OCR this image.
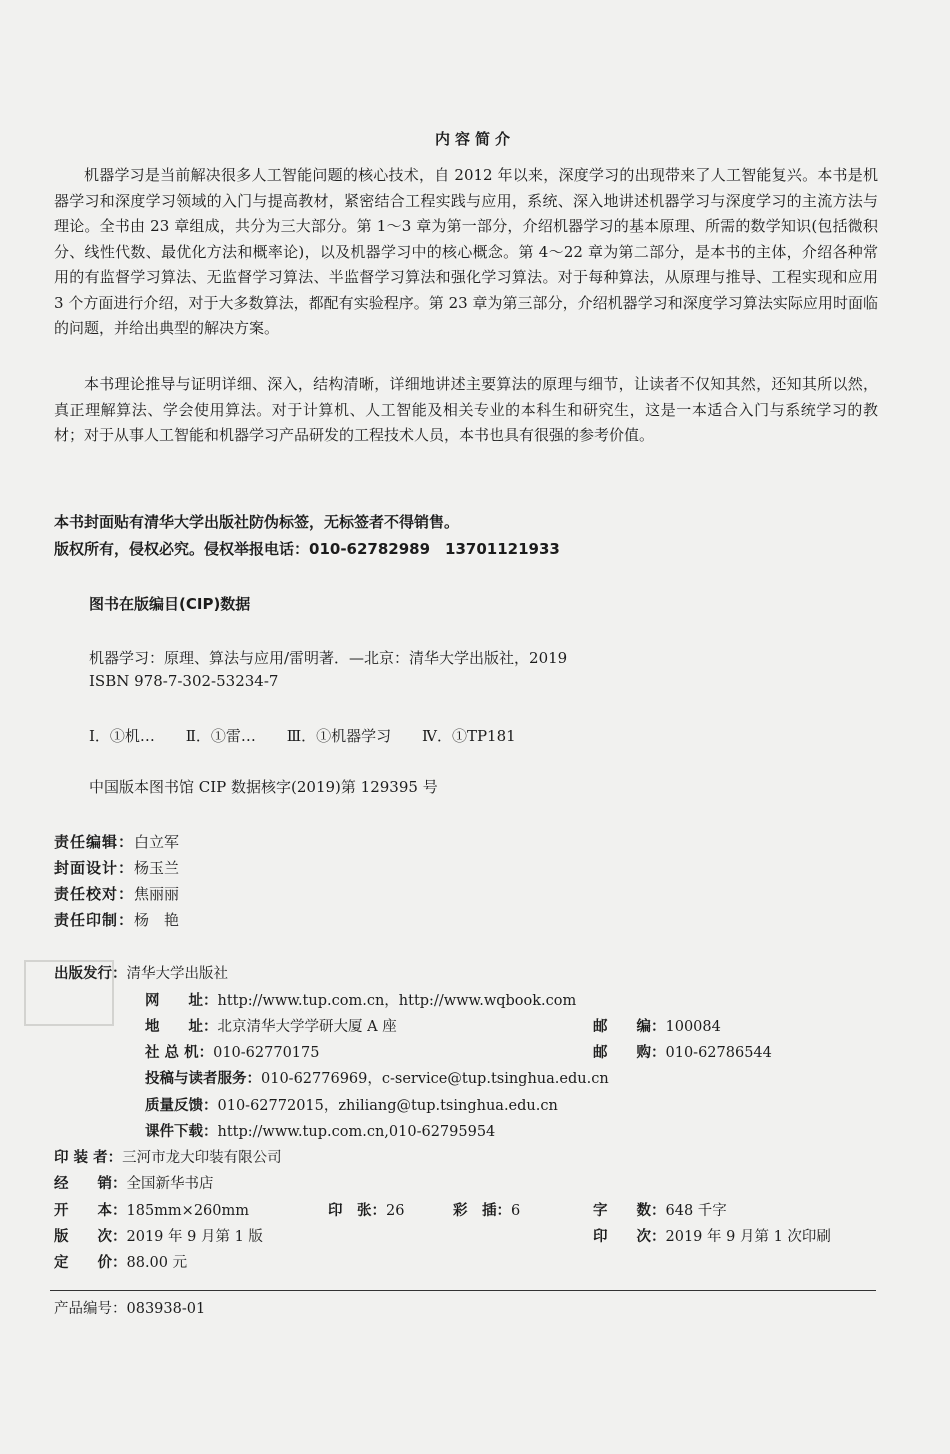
内容简介

机器学习是当前解决很多人工智能问题的核心技术，自 2012 年以来，深度学习的出现带来了人工智能复兴。本书是机器学习和深度学习领域的入门与提高教材，紧密结合工程实践与应用，系统、深入地讲述机器学习与深度学习的主流方法与理论。全书由 23 章组成，共分为三大部分。第 1～3 章为第一部分，介绍机器学习的基本原理、所需的数学知识(包括微积分、线性代数、最优化方法和概率论)，以及机器学习中的核心概念。第 4～22 章为第二部分，是本书的主体，介绍各种常用的有监督学习算法、无监督学习算法、半监督学习算法和强化学习算法。对于每种算法，从原理与推导、工程实现和应用 3 个方面进行介绍，对于大多数算法，都配有实验程序。第 23 章为第三部分，介绍机器学习和深度学习算法实际应用时面临的问题，并给出典型的解决方案。

本书理论推导与证明详细、深入，结构清晰，详细地讲述主要算法的原理与细节，让读者不仅知其然，还知其所以然，真正理解算法、学会使用算法。对于计算机、人工智能及相关专业的本科生和研究生，这是一本适合入门与系统学习的教材；对于从事人工智能和机器学习产品研发的工程技术人员，本书也具有很强的参考价值。

本书封面贴有清华大学出版社防伪标签，无标签者不得销售。
版权所有，侵权必究。侵权举报电话：010-62782989　13701121933
图书在版编目(CIP)数据
机器学习：原理、算法与应用/雷明著．—北京：清华大学出版社，2019
ISBN 978-7-302-53234-7
Ⅰ．①机… Ⅱ．①雷… Ⅲ．①机器学习 Ⅳ．①TP181
中国版本图书馆 CIP 数据核字(2019)第 129395 号
责任编辑：白立军
封面设计：杨玉兰
责任校对：焦丽丽
责任印制：杨　艳
出版发行：清华大学出版社
网　　址：http://www.tup.com.cn，http://www.wqbook.com
地　　址：北京清华大学学研大厦 A 座	邮　　编：100084
社 总 机：010-62770175	邮　　购：010-62786544
投稿与读者服务：010-62776969，c-service@tup.tsinghua.edu.cn
质量反馈：010-62772015，zhiliang@tup.tsinghua.edu.cn
课件下载：http://www.tup.com.cn,010-62795954
印 装 者：三河市龙大印装有限公司
经　　销：全国新华书店
开　　本：185mm×260mm	印　张：26	彩　插：6	字　　数：648 千字
版　　次：2019 年 9 月第 1 版	印　　次：2019 年 9 月第 1 次印刷
定　　价：88.00 元
产品编号：083938-01
